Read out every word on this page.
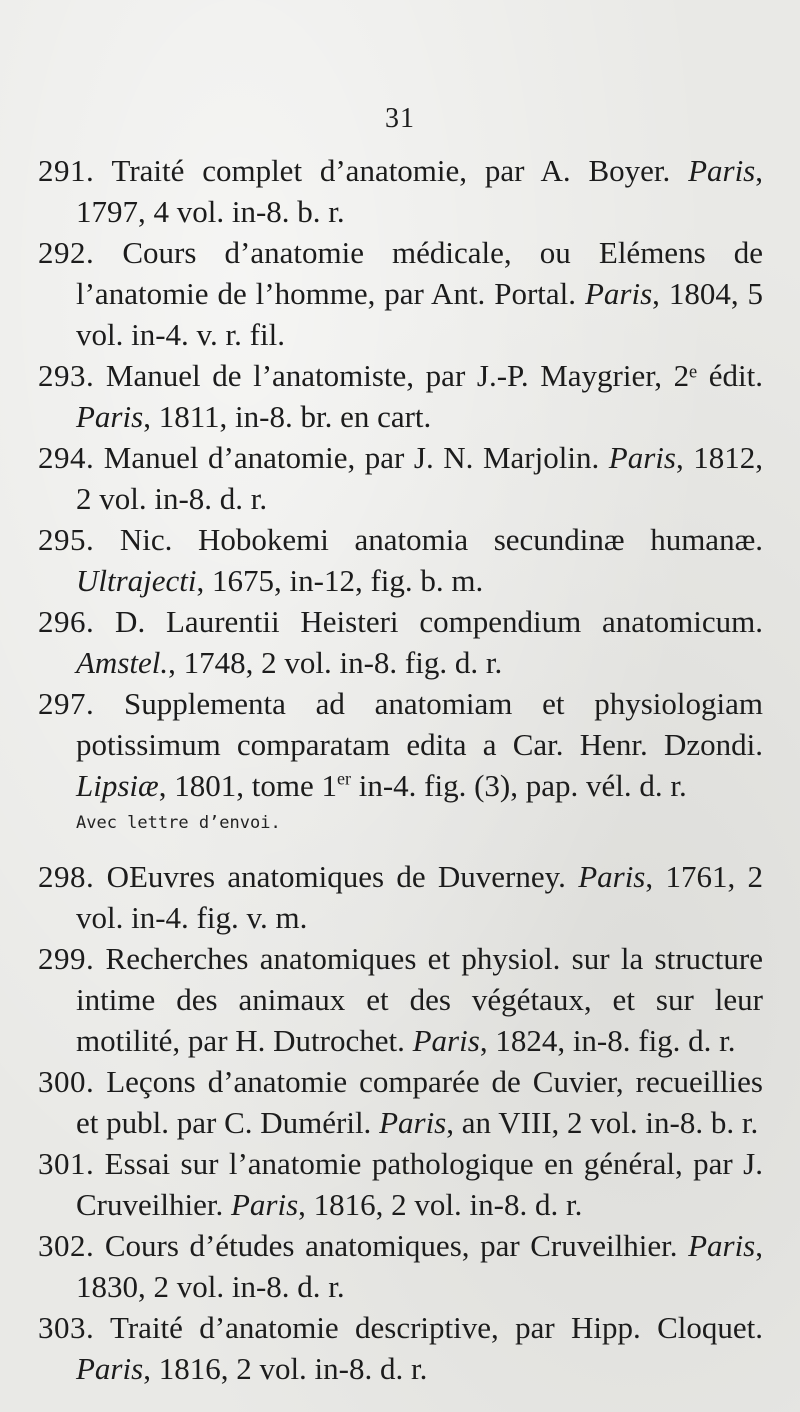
31

291. Traité complet d’anatomie, par A. Boyer. Paris, 1797, 4 vol. in-8. b. r.

292. Cours d’anatomie médicale, ou Elémens de l’anatomie de l’homme, par Ant. Portal. Paris, 1804, 5 vol. in-4. v. r. fil.

293. Manuel de l’anatomiste, par J.-P. Maygrier, 2ᵉ édit. Paris, 1811, in-8. br. en cart.

294. Manuel d’anatomie, par J. N. Marjolin. Paris, 1812, 2 vol. in-8. d. r.

295. Nic. Hobokemi anatomia secundinæ humanæ. Ultrajecti, 1675, in-12, fig. b. m.

296. D. Laurentii Heisteri compendium anatomicum. Amstel., 1748, 2 vol. in-8. fig. d. r.

297. Supplementa ad anatomiam et physiologiam potissimum comparatam edita a Car. Henr. Dzondi. Lipsiæ, 1801, tome 1er in-4. fig. (3), pap. vél. d. r.

Avec lettre d’envoi.

298. OEuvres anatomiques de Duverney. Paris, 1761, 2 vol. in-4. fig. v. m.

299. Recherches anatomiques et physiol. sur la structure intime des animaux et des végétaux, et sur leur motilité, par H. Dutrochet. Paris, 1824, in-8. fig. d. r.

300. Leçons d’anatomie comparée de Cuvier, recueillies et publ. par C. Duméril. Paris, an VIII, 2 vol. in-8. b. r.

301. Essai sur l’anatomie pathologique en général, par J. Cruveilhier. Paris, 1816, 2 vol. in-8. d. r.

302. Cours d’études anatomiques, par Cruveilhier. Paris, 1830, 2 vol. in-8. d. r.

303. Traité d’anatomie descriptive, par Hipp. Cloquet. Paris, 1816, 2 vol. in-8. d. r.
